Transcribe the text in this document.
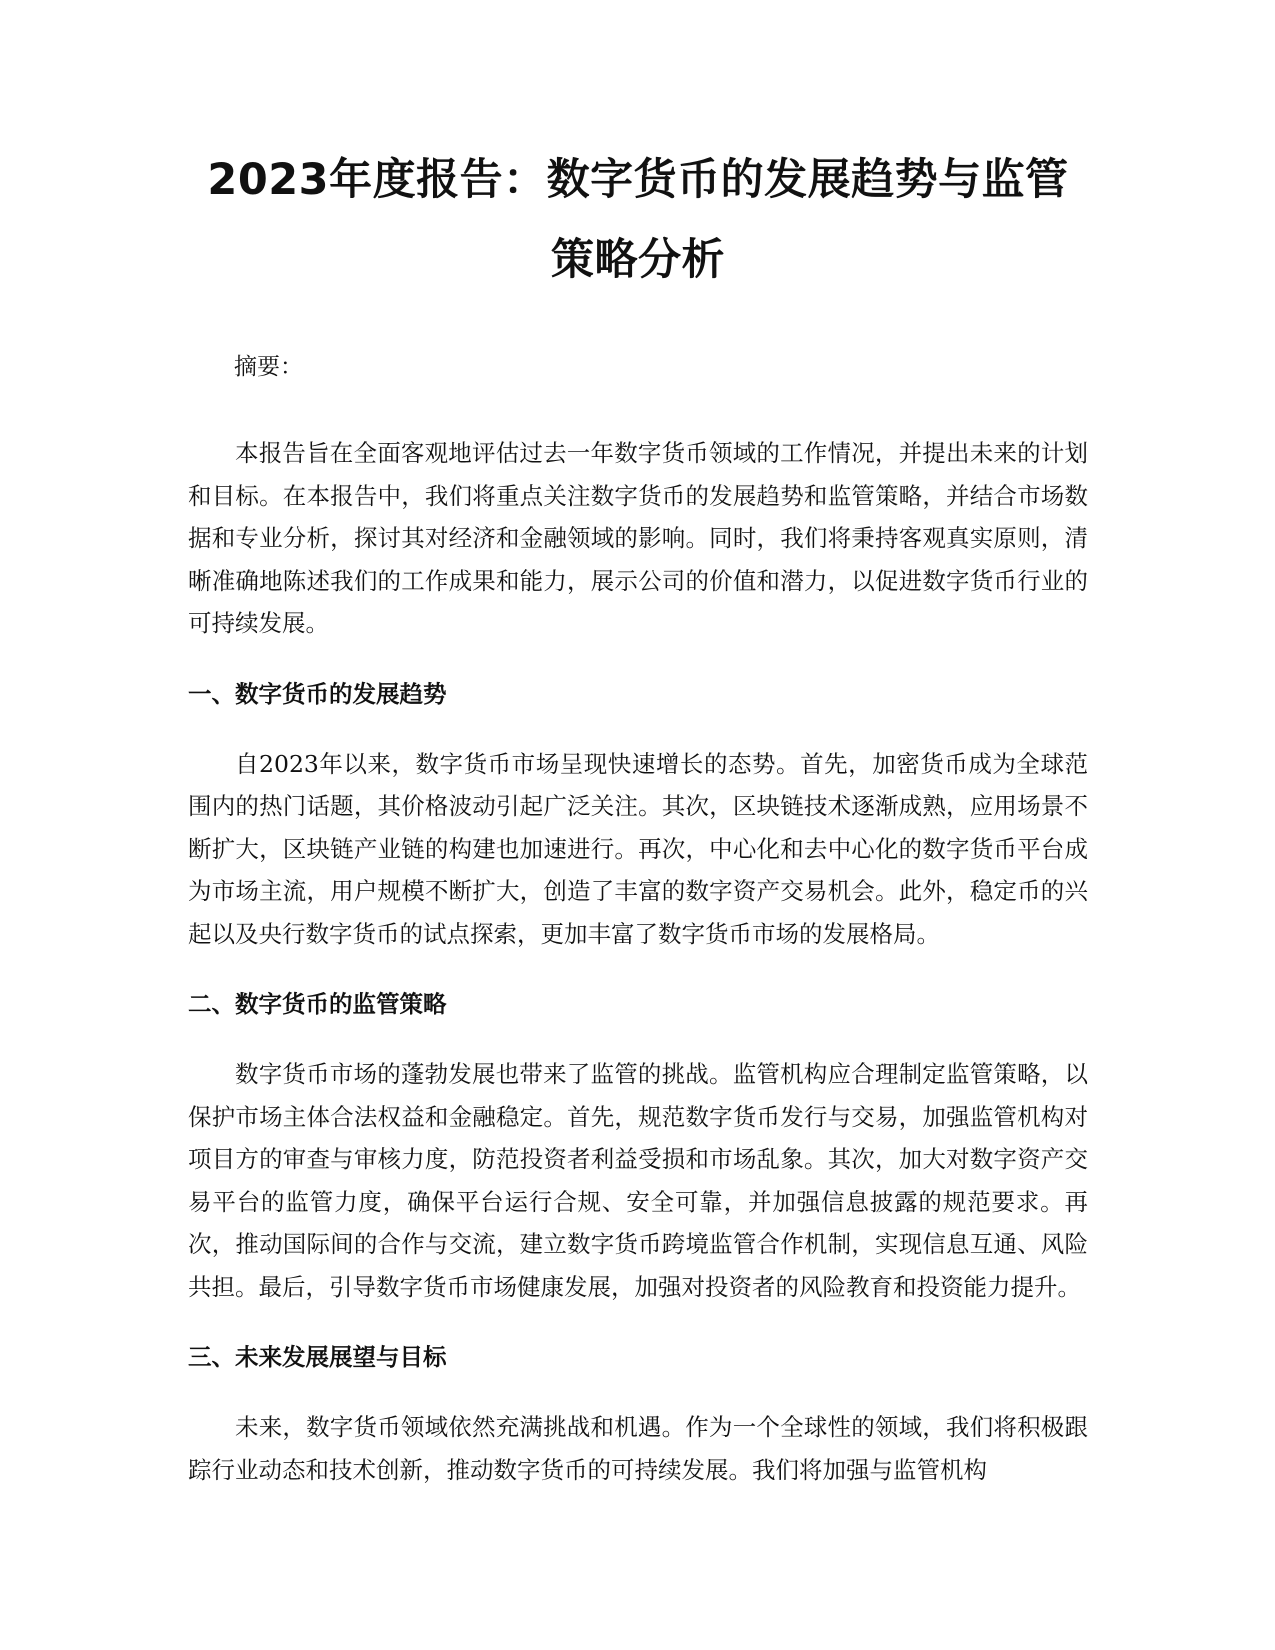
2023年度报告：数字货币的发展趋势与监管
策略分析

摘要：

本报告旨在全面客观地评估过去一年数字货币领域的工作情况，并提出未来的计划和目标。在本报告中，我们将重点关注数字货币的发展趋势和监管策略，并结合市场数据和专业分析，探讨其对经济和金融领域的影响。同时，我们将秉持客观真实原则，清晰准确地陈述我们的工作成果和能力，展示公司的价值和潜力，以促进数字货币行业的可持续发展。

一、数字货币的发展趋势

自2023年以来，数字货币市场呈现快速增长的态势。首先，加密货币成为全球范围内的热门话题，其价格波动引起广泛关注。其次，区块链技术逐渐成熟，应用场景不断扩大，区块链产业链的构建也加速进行。再次，中心化和去中心化的数字货币平台成为市场主流，用户规模不断扩大，创造了丰富的数字资产交易机会。此外，稳定币的兴起以及央行数字货币的试点探索，更加丰富了数字货币市场的发展格局。

二、数字货币的监管策略

数字货币市场的蓬勃发展也带来了监管的挑战。监管机构应合理制定监管策略，以保护市场主体合法权益和金融稳定。首先，规范数字货币发行与交易，加强监管机构对项目方的审查与审核力度，防范投资者利益受损和市场乱象。其次，加大对数字资产交易平台的监管力度，确保平台运行合规、安全可靠，并加强信息披露的规范要求。再次，推动国际间的合作与交流，建立数字货币跨境监管合作机制，实现信息互通、风险共担。最后，引导数字货币市场健康发展，加强对投资者的风险教育和投资能力提升。

三、未来发展展望与目标

未来，数字货币领域依然充满挑战和机遇。作为一个全球性的领域，我们将积极跟踪行业动态和技术创新，推动数字货币的可持续发展。我们将加强与监管机构
